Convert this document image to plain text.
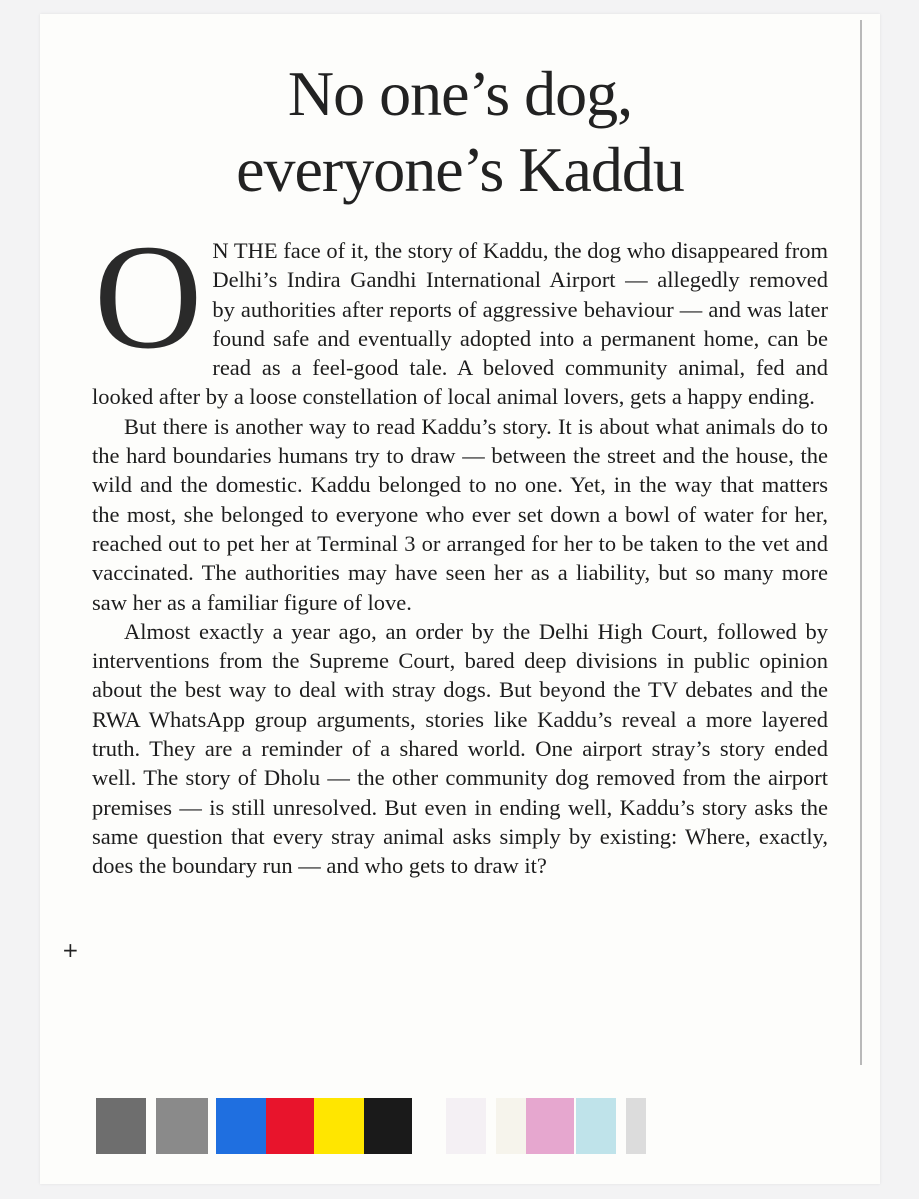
No one’s dog,
everyone’s Kaddu

O N THE face of it, the story of Kaddu, the dog who disappeared from Delhi’s Indira Gandhi International Airport — allegedly removed by authorities after reports of aggressive behaviour — and was later found safe and eventually adopted into a permanent home, can be read as a feel-good tale. A beloved community animal, fed and looked after by a loose constellation of local animal lovers, gets a happy ending.

But there is another way to read Kaddu’s story. It is about what animals do to the hard boundaries humans try to draw — between the street and the house, the wild and the domestic. Kaddu belonged to no one. Yet, in the way that matters the most, she belonged to everyone who ever set down a bowl of water for her, reached out to pet her at Terminal 3 or arranged for her to be taken to the vet and vaccinated. The authorities may have seen her as a liability, but so many more saw her as a familiar figure of love.

Almost exactly a year ago, an order by the Delhi High Court, followed by interventions from the Supreme Court, bared deep divisions in public opinion about the best way to deal with stray dogs. But beyond the TV debates and the RWA WhatsApp group arguments, stories like Kaddu’s reveal a more layered truth. They are a reminder of a shared world. One airport stray’s story ended well. The story of Dholu — the other community dog removed from the airport premises — is still unresolved. But even in ending well, Kaddu’s story asks the same question that every stray animal asks simply by existing: Where, exactly, does the boundary run — and who gets to draw it?

+
